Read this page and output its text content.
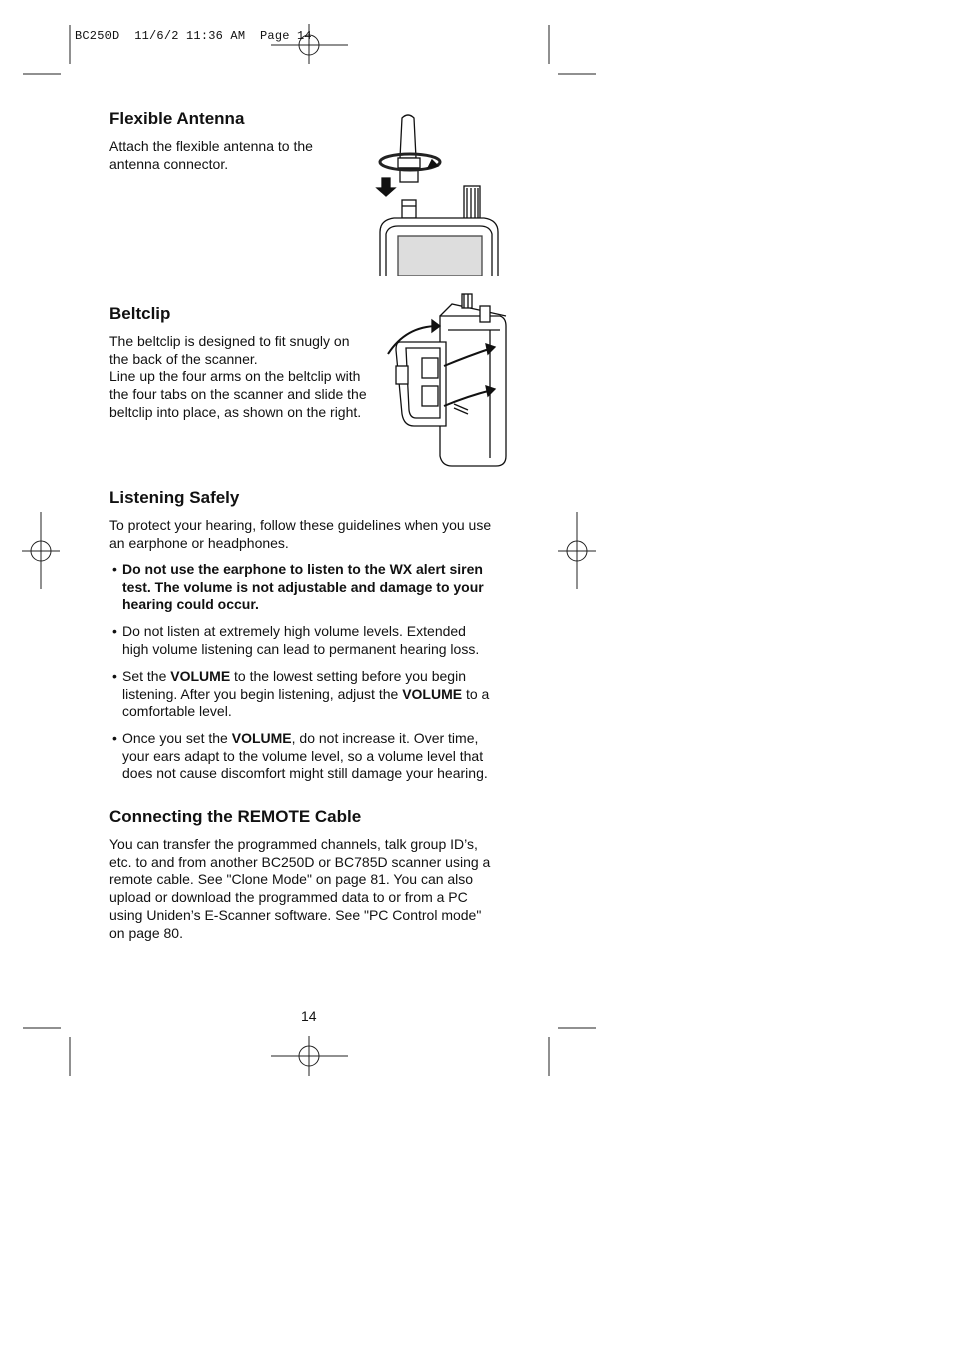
BC250D  11/6/2 11:36 AM  Page 14
Flexible Antenna
Attach the flexible antenna to the
antenna connector.
Beltclip
The beltclip is designed to fit snugly on
the back of the scanner.
Line up the four arms on the beltclip with
the four tabs on the scanner and slide the
beltclip into place, as shown on the right.
Listening Safely
To protect your hearing, follow these guidelines when you use
an earphone or headphones.
• Do not use the earphone to listen to the WX alert siren
test. The volume is not adjustable and damage to your
hearing could occur.
• Do not listen at extremely high volume levels. Extended
high volume listening can lead to permanent hearing loss.
• Set the VOLUME to the lowest setting before you begin
listening. After you begin listening, adjust the VOLUME to a
comfortable level.
• Once you set the VOLUME, do not increase it. Over time,
your ears adapt to the volume level, so a volume level that
does not cause discomfort might still damage your hearing.
Connecting the REMOTE Cable
You can transfer the programmed channels, talk group ID’s,
etc. to and from another BC250D or BC785D scanner using a
remote cable. See "Clone Mode" on page 81. You can also
upload or download the programmed data to or from a PC
using Uniden’s E-Scanner software. See "PC Control mode"
on page 80.
14
